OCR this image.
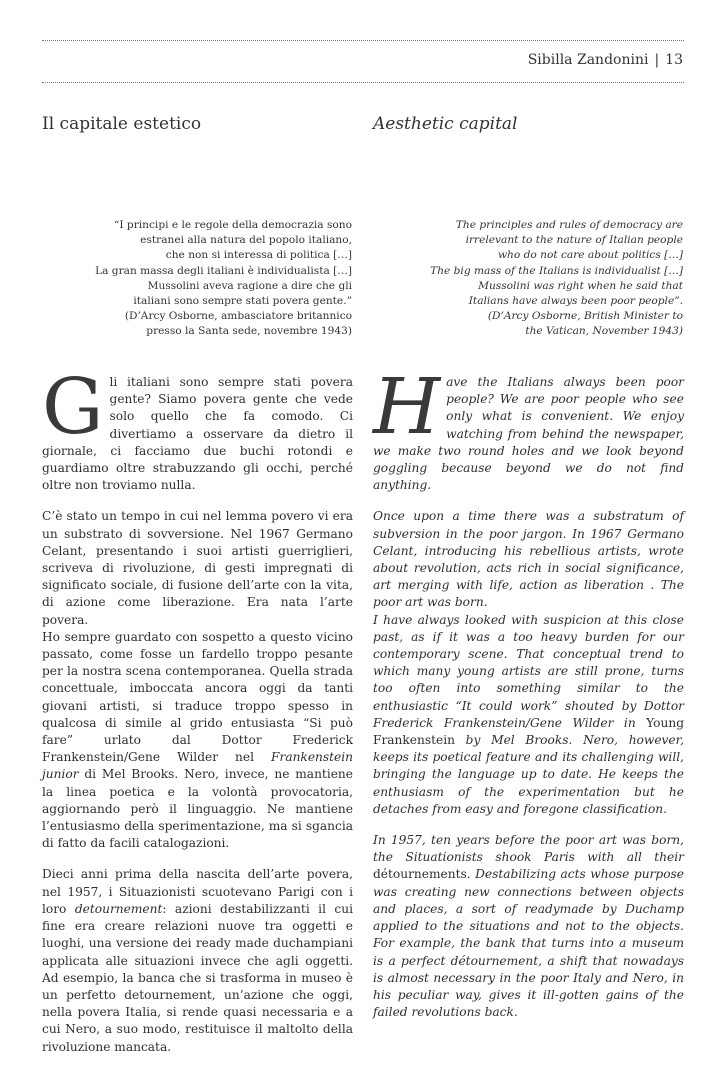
Sibilla Zandonini | 13
Il capitale estetico
“I principi e le regole della democrazia sono
estranei alla natura del popolo italiano,
che non si interessa di politica […]
La gran massa degli italiani è individualista […]
Mussolini aveva ragione a dire che gli
italiani sono sempre stati povera gente.”
(D’Arcy Osborne, ambasciatore britannico
presso la Santa sede, novembre 1943)

Gli italiani sono sempre stati povera gente? Siamo povera gente che vede solo quello che fa comodo. Ci divertiamo a osservare da dietro il giornale, ci facciamo due buchi rotondi e guardiamo oltre strabuzzando gli occhi, perché oltre non troviamo nulla.

C’è stato un tempo in cui nel lemma povero vi era un substrato di sovversione. Nel 1967 Germano Celant, presentando i suoi artisti guerriglieri, scriveva di rivoluzione, di gesti impregnati di significato sociale, di fusione dell’arte con la vita, di azione come liberazione. Era nata l’arte povera.

Ho sempre guardato con sospetto a questo vicino passato, come fosse un fardello troppo pesante per la nostra scena contemporanea. Quella strada concettuale, imboccata ancora oggi da tanti giovani artisti, si traduce troppo spesso in qualcosa di simile al grido entusiasta “Si può fare” urlato dal Dottor Frederick Frankenstein/Gene Wilder nel Frankenstein junior di Mel Brooks. Nero, invece, ne mantiene la linea poetica e la volontà provocatoria, aggiornando però il linguaggio. Ne mantiene l’entusiasmo della sperimentazione, ma si sgancia di fatto da facili catalogazioni.

Dieci anni prima della nascita dell’arte povera, nel 1957, i Situazionisti scuotevano Parigi con i loro detournement: azioni destabilizzanti il cui fine era creare relazioni nuove tra oggetti e luoghi, una versione dei ready made duchampiani applicata alle situazioni invece che agli oggetti. Ad esempio, la banca che si trasforma in museo è un perfetto detournement, un’azione che oggi, nella povera Italia, si rende quasi necessaria e a cui Nero, a suo modo, restituisce il maltolto della rivoluzione mancata.

Aesthetic capital
The principles and rules of democracy are
irrelevant to the nature of Italian people
who do not care about politics […]
The big mass of the Italians is individualist […]
Mussolini was right when he said that
Italians have always been poor people”.
(D’Arcy Osborne, British Minister to
the Vatican, November 1943)

Have the Italians always been poor people? We are poor people who see only what is convenient. We enjoy watching from behind the newspaper, we make two round holes and we look beyond goggling because beyond we do not find anything.

Once upon a time there was a substratum of subversion in the poor jargon. In 1967 Germano Celant, introducing his rebellious artists, wrote about revolution, acts rich in social significance, art merging with life, action as liberation . The poor art was born.

I have always looked with suspicion at this close past, as if it was a too heavy burden for our contemporary scene. That conceptual trend to which many young artists are still prone, turns too often into something similar to the enthusiastic “It could work” shouted by Dottor Frederick Frankenstein/Gene Wilder in Young Frankenstein by Mel Brooks. Nero, however, keeps its poetical feature and its challenging will, bringing the language up to date. He keeps the enthusiasm of the experimentation but he detaches from easy and foregone classification.

In 1957, ten years before the poor art was born, the Situationists shook Paris with all their détournements. Destabilizing acts whose purpose was creating new connections between objects and places, a sort of readymade by Duchamp applied to the situations and not to the objects. For example, the bank that turns into a museum is a perfect détournement, a shift that nowadays is almost necessary in the poor Italy and Nero, in his peculiar way, gives it ill-gotten gains of the failed revolutions back.
